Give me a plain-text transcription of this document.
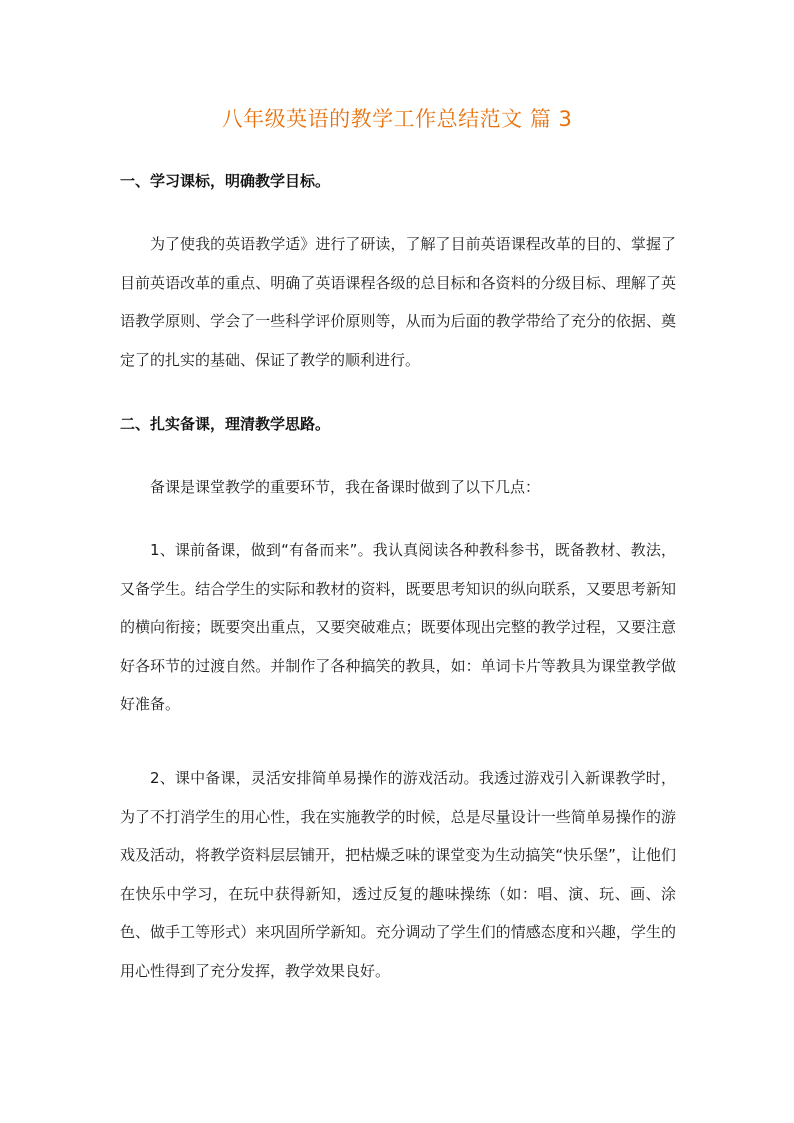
八年级英语的教学工作总结范文 篇 3
一、学习课标，明确教学目标。

为了使我的英语教学适》进行了研读，了解了目前英语课程改革的目的、掌握了目前英语改革的重点、明确了英语课程各级的总目标和各资料的分级目标、理解了英语教学原则、学会了一些科学评价原则等，从而为后面的教学带给了充分的依据、奠定了的扎实的基础、保证了教学的顺利进行。

二、扎实备课，理清教学思路。

备课是课堂教学的重要环节，我在备课时做到了以下几点：

1、课前备课，做到“有备而来”。我认真阅读各种教科参书，既备教材、教法，又备学生。结合学生的实际和教材的资料，既要思考知识的纵向联系，又要思考新知的横向衔接；既要突出重点，又要突破难点；既要体现出完整的教学过程，又要注意好各环节的过渡自然。并制作了各种搞笑的教具，如：单词卡片等教具为课堂教学做好准备。

2、课中备课，灵活安排简单易操作的游戏活动。我透过游戏引入新课教学时，为了不打消学生的用心性，我在实施教学的时候，总是尽量设计一些简单易操作的游戏及活动，将教学资料层层铺开，把枯燥乏味的课堂变为生动搞笑“快乐堡”，让他们在快乐中学习，在玩中获得新知，透过反复的趣味操练（如：唱、演、玩、画、涂色、做手工等形式）来巩固所学新知。充分调动了学生们的情感态度和兴趣，学生的用心性得到了充分发挥，教学效果良好。
